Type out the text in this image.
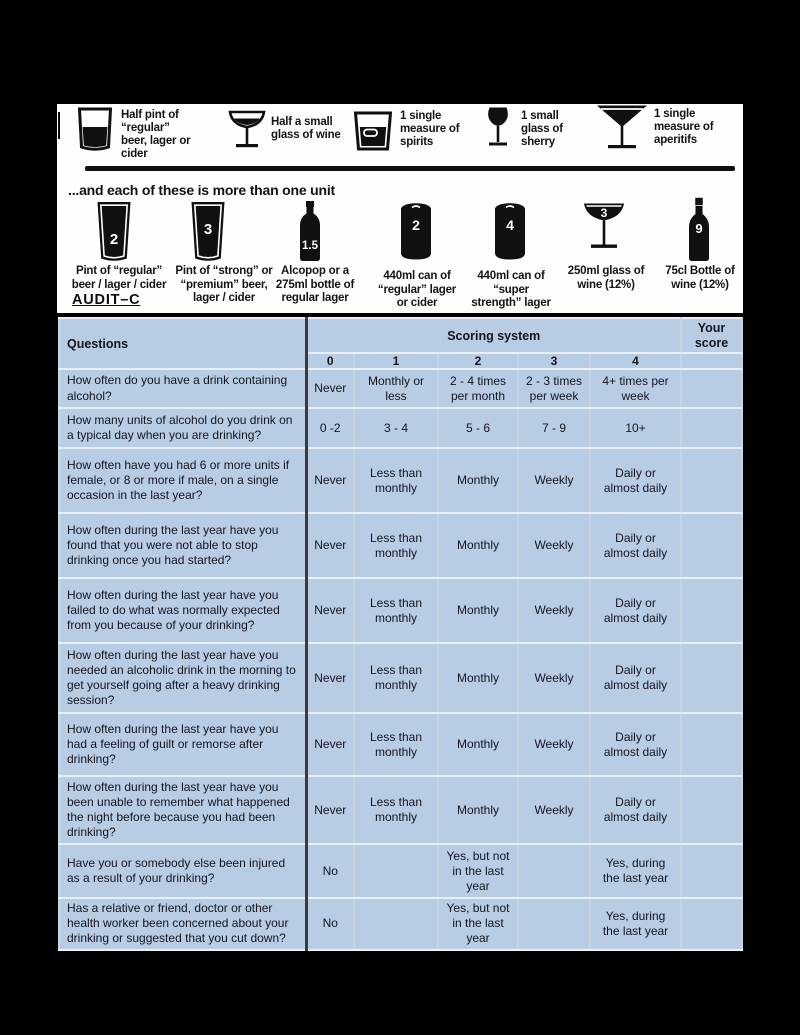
Half pint of “regular” beer, lager or cider
Half a small glass of wine
1 single measure of spirits
1 small glass of sherry
1 single measure of aperitifs
...and each of these is more than one unit
2
Pint of “regular” beer / lager / cider
3
Pint of “strong” or “premium” beer, lager / cider
1.5
Alcopop or a 275ml bottle of regular lager
2
440ml can of “regular” lager or cider
4
440ml can of “super strength” lager
3
250ml glass of wine (12%)
9
75cl Bottle of wine (12%)
AUDIT–C
Questions	Scoring system					Your score
	0	1	2	3	4	
How often do you have a drink containing alcohol?	Never	Monthly or less	2 - 4 times per month	2 - 3 times per week	4+ times per week	
How many units of alcohol do you drink on a typical day when you are drinking?	0 -2	3 - 4	5 - 6	7 - 9	10+	
How often have you had 6 or more units if female, or 8 or more if male, on a single occasion in the last year?	Never	Less than monthly	Monthly	Weekly	Daily or almost daily	
How often during the last year have you found that you were not able to stop drinking once you had started?	Never	Less than monthly	Monthly	Weekly	Daily or almost daily	
How often during the last year have you failed to do what was normally expected from you because of your drinking?	Never	Less than monthly	Monthly	Weekly	Daily or almost daily	
How often during the last year have you needed an alcoholic drink in the morning to get yourself going after a heavy drinking session?	Never	Less than monthly	Monthly	Weekly	Daily or almost daily	
How often during the last year have you had a feeling of guilt or remorse after drinking?	Never	Less than monthly	Monthly	Weekly	Daily or almost daily	
How often during the last year have you been unable to remember what happened the night before because you had been drinking?	Never	Less than monthly	Monthly	Weekly	Daily or almost daily	
Have you or somebody else been injured as a result of your drinking?	No		Yes, but not in the last year		Yes, during the last year	
Has a relative or friend, doctor or other health worker been concerned about your drinking or suggested that you cut down?	No		Yes, but not in the last year		Yes, during the last year	
